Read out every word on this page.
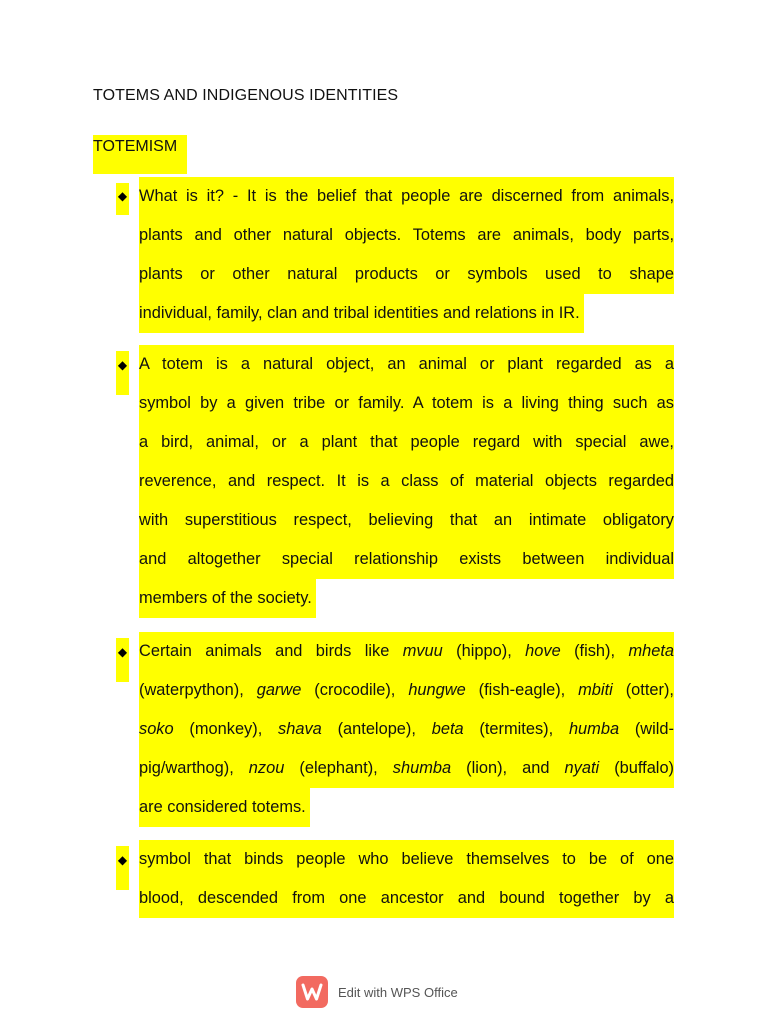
TOTEMS AND INDIGENOUS IDENTITIES
TOTEMISM
◆ What is it? - It is the belief that people are discerned from animals,
plants and other natural objects. Totems are animals, body parts,
plants or other natural products or symbols used to shape
individual, family, clan and tribal identities and relations in IR.
◆ A totem is a natural object, an animal or plant regarded as a
symbol by a given tribe or family. A totem is a living thing such as
a bird, animal, or a plant that people regard with special awe,
reverence, and respect. It is a class of material objects regarded
with superstitious respect, believing that an intimate obligatory
and altogether special relationship exists between individual
members of the society.
◆ Certain animals and birds like mvuu (hippo), hove (fish), mheta
(waterpython), garwe (crocodile), hungwe (fish-eagle), mbiti (otter),
soko (monkey), shava (antelope), beta (termites), humba (wild-
pig/warthog), nzou (elephant), shumba (lion), and nyati (buffalo)
are considered totems.
◆ symbol that binds people who believe themselves to be of one
blood, descended from one ancestor and bound together by a
Edit with WPS Office
